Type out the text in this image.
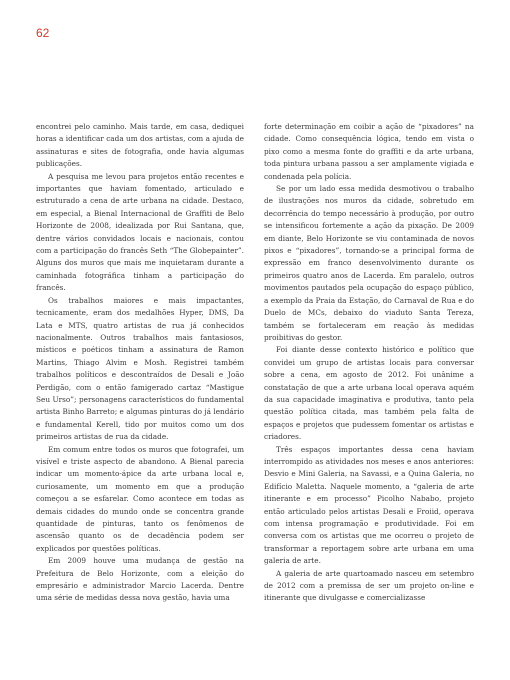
62

encontrei pelo caminho. Mais tarde, em casa, dediquei horas a identificar cada um dos artistas, com a ajuda de assinaturas e sites de fotografia, onde havia algumas publicações.

A pesquisa me levou para projetos então recentes e importantes que haviam fomentado, articulado e estruturado a cena de arte urbana na cidade. Destaco, em especial, a Bienal Internacional de Graffiti de Belo Horizonte de 2008, idealizada por Rui Santana, que, dentre vários convidados locais e nacionais, contou com a participação do francês Seth “The Globepainter”. Alguns dos muros que mais me inquietaram durante a caminhada fotográfica tinham a participação do francês.

Os trabalhos maiores e mais impactantes, tecnicamente, eram dos medalhões Hyper, DMS, Da Lata e MTS, quatro artistas de rua já conhecidos nacionalmente. Outros trabalhos mais fantasiosos, místicos e poéticos tinham a assinatura de Ramon Martins, Thiago Alvim e Mosh. Registrei também trabalhos políticos e descontraídos de Desali e João Perdigão, com o então famigerado cartaz “Mastigue Seu Urso”; personagens característicos do fundamental artista Binho Barreto; e algumas pinturas do já lendário e fundamental Kerell, tido por muitos como um dos primeiros artistas de rua da cidade.

Em comum entre todos os muros que fotografei, um visível e triste aspecto de abandono. A Bienal parecia indicar um momento-ápice da arte urbana local e, curiosamente, um momento em que a produção começou a se esfarelar. Como acontece em todas as demais cidades do mundo onde se concentra grande quantidade de pinturas, tanto os fenômenos de ascensão quanto os de decadência podem ser explicados por questões políticas.

Em 2009 houve uma mudança de gestão na Prefeitura de Belo Horizonte, com a eleição do empresário e administrador Marcio Lacerda. Dentre uma série de medidas dessa nova gestão, havia uma

forte determinação em coibir a ação de “pixadores” na cidade. Como consequência lógica, tendo em vista o pixo como a mesma fonte do graffiti e da arte urbana, toda pintura urbana passou a ser amplamente vigiada e condenada pela polícia.

Se por um lado essa medida desmotivou o trabalho de ilustrações nos muros da cidade, sobretudo em decorrência do tempo necessário à produção, por outro se intensificou fortemente a ação da pixação. De 2009 em diante, Belo Horizonte se viu contaminada de novos pixos e “pixadores”, tornando-se a principal forma de expressão em franco desenvolvimento durante os primeiros quatro anos de Lacerda. Em paralelo, outros movimentos pautados pela ocupação do espaço público, a exemplo da Praia da Estação, do Carnaval de Rua e do Duelo de MCs, debaixo do viaduto Santa Tereza, também se fortaleceram em reação às medidas proibitivas do gestor.

Foi diante desse contexto histórico e político que convidei um grupo de artistas locais para conversar sobre a cena, em agosto de 2012. Foi unânime a constatação de que a arte urbana local operava aquém da sua capacidade imaginativa e produtiva, tanto pela questão política citada, mas também pela falta de espaços e projetos que pudessem fomentar os artistas e criadores.

Três espaços importantes dessa cena haviam interrompido as atividades nos meses e anos anteriores: Desvio e Mini Galeria, na Savassi, e a Quina Galeria, no Edifício Maletta. Naquele momento, a “galeria de arte itinerante e em processo” Picolho Nababo, projeto então articulado pelos artistas Desali e Froiid, operava com intensa programação e produtividade. Foi em conversa com os artistas que me ocorreu o projeto de transformar a reportagem sobre arte urbana em uma galeria de arte.

A galeria de arte quartoamado nasceu em setembro de 2012 com a premissa de ser um projeto on-line e itinerante que divulgasse e comercializasse
